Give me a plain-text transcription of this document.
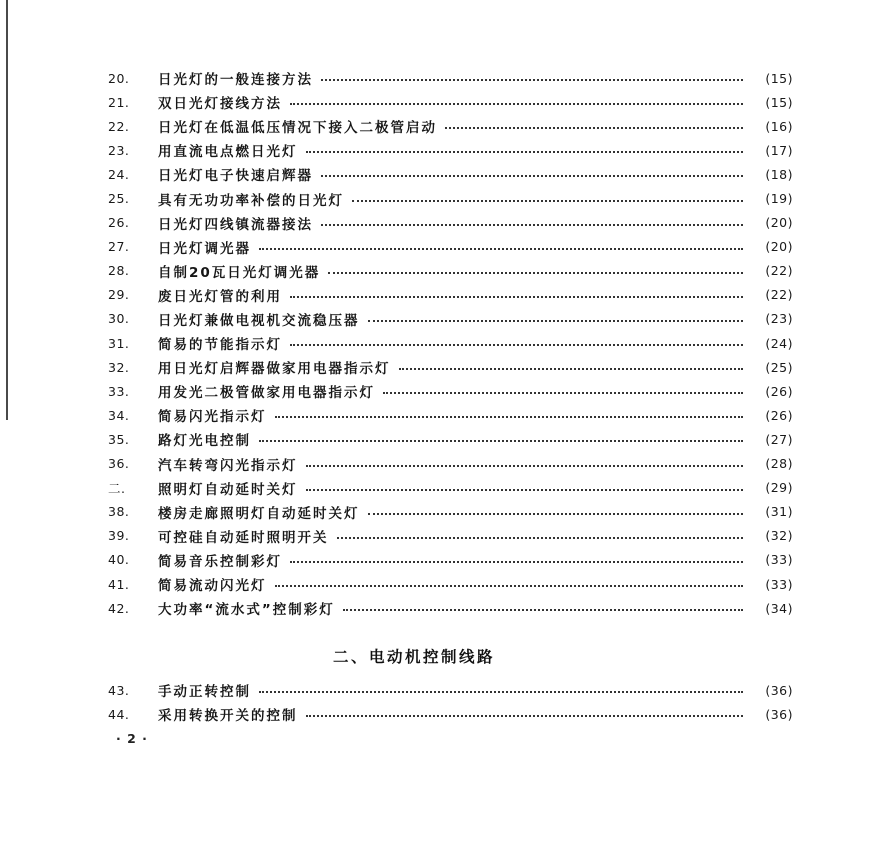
20.	日光灯的一般连接方法	(15)
21.	双日光灯接线方法	(15)
22.	日光灯在低温低压情况下接入二极管启动	(16)
23.	用直流电点燃日光灯	(17)
24.	日光灯电子快速启辉器	(18)
25.	具有无功功率补偿的日光灯	(19)
26.	日光灯四线镇流器接法	(20)
27.	日光灯调光器	(20)
28.	自制20瓦日光灯调光器	(22)
29.	废日光灯管的利用	(22)
30.	日光灯兼做电视机交流稳压器	(23)
31.	简易的节能指示灯	(24)
32.	用日光灯启辉器做家用电器指示灯	(25)
33.	用发光二极管做家用电器指示灯	(26)
34.	简易闪光指示灯	(26)
35.	路灯光电控制	(27)
36.	汽车转弯闪光指示灯	(28)
二.	照明灯自动延时关灯	(29)
38.	楼房走廊照明灯自动延时关灯	(31)
39.	可控硅自动延时照明开关	(32)
40.	简易音乐控制彩灯	(33)
41.	简易流动闪光灯	(33)
42.	大功率“流水式”控制彩灯	(34)
二、电动机控制线路
43.	手动正转控制	(36)
44.	采用转换开关的控制	(36)
· 2 ·
